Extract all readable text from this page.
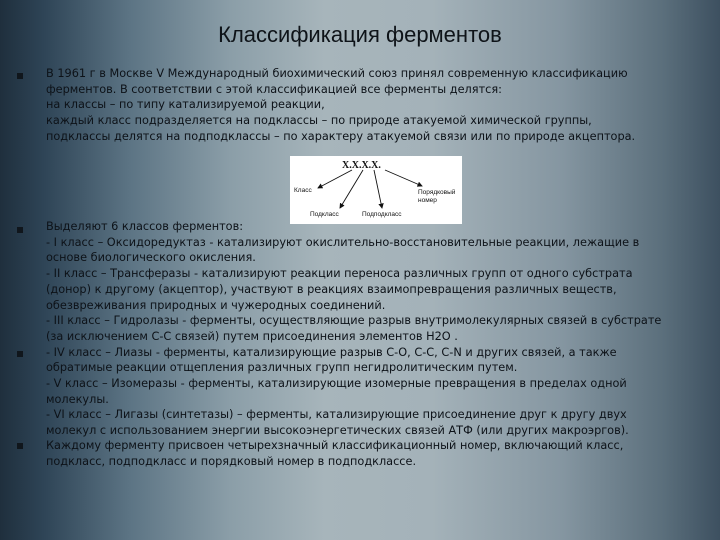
Классификация ферментов
В 1961 г в Москве V Международный биохимический союз принял современную классификацию
ферментов. В соответствии с этой классификацией все ферменты делятся:
на классы – по типу катализируемой реакции,
каждый класс подразделяется на подклассы – по природе атакуемой химической группы,
подклассы делятся на подподклассы – по характеру атакуемой связи или по природе акцептора.
X.X.X.X.
Класс
Подкласс	Подподкласс
Порядковый
номер
Выделяют 6 классов ферментов:
- I класс – Оксидоредуктаз - катализируют окислительно-восстановительные реакции, лежащие в
основе биологического окисления.
- II класс – Трансферазы - катализируют реакции переноса различных групп от одного субстрата
(донор) к другому (акцептор), участвуют в реакциях взаимопревращения различных веществ,
обезвреживания природных и чужеродных соединений.
- III класс – Гидролазы - ферменты, осуществляющие разрыв внутримолекулярных связей в субстрате
(за исключением С-С связей) путем присоединения элементов Н2О .
- IV класс – Лиазы - ферменты, катализирующие разрыв С-О, С-С, С-N и других связей, а также
обратимые реакции отщепления различных групп негидролитическим путем.
- V класс – Изомеразы - ферменты, катализирующие изомерные превращения в пределах одной
молекулы.
- VI класс – Лигазы (синтетазы) – ферменты, катализирующие присоединение друг к другу двух
молекул с использованием энергии высокоэнергетических связей АТФ (или других макроэргов).
Каждому ферменту присвоен четырехзначный классификационный номер, включающий класс,
подкласс, подподкласс и порядковый номер в подподклассе.
